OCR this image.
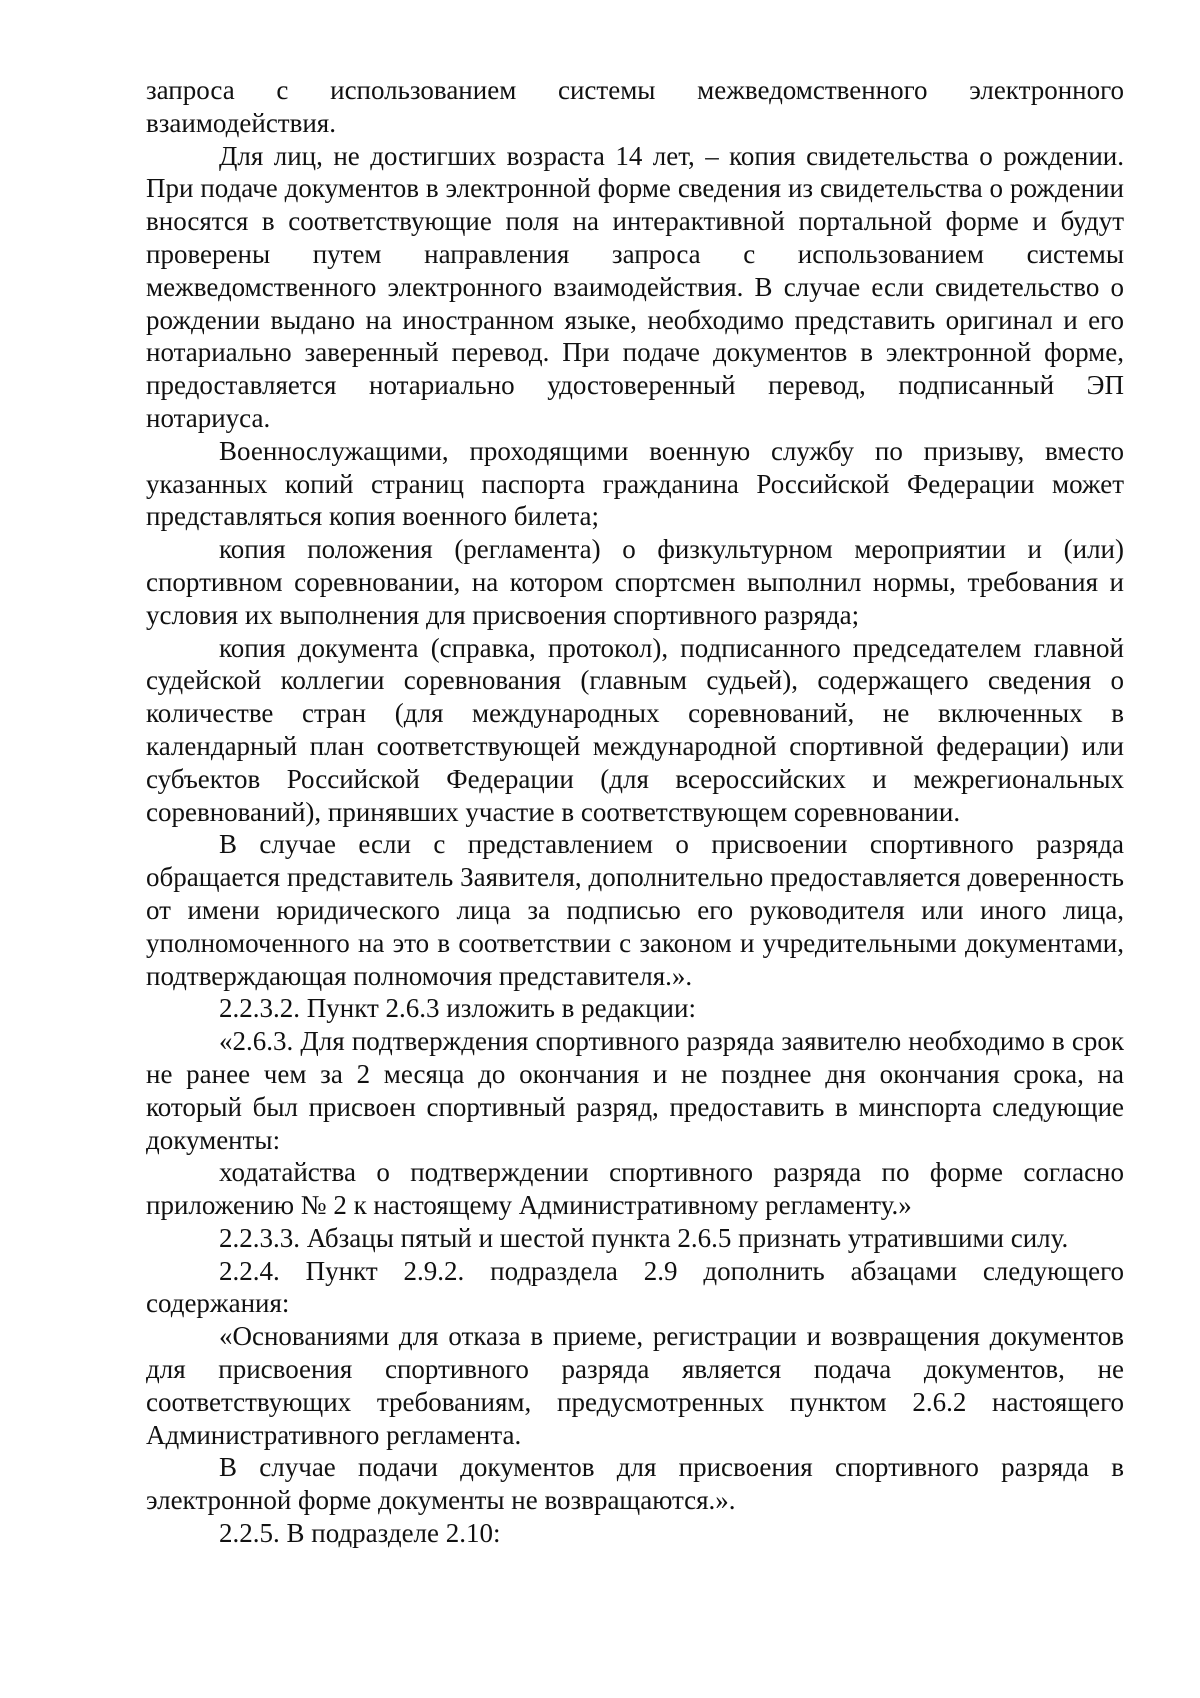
запроса с использованием системы межведомственного электронного взаимодействия.

Для лиц, не достигших возраста 14 лет, – копия свидетельства о рождении. При подаче документов в электронной форме сведения из свидетельства о рождении вносятся в соответствующие поля на интерактивной портальной форме и будут проверены путем направления запроса с использованием системы межведомственного электронного взаимодействия. В случае если свидетельство о рождении выдано на иностранном языке, необходимо представить оригинал и его нотариально заверенный перевод. При подаче документов в электронной форме, предоставляется нотариально удостоверенный перевод, подписанный ЭП нотариуса.

Военнослужащими, проходящими военную службу по призыву, вместо указанных копий страниц паспорта гражданина Российской Федерации может представляться копия военного билета;

копия положения (регламента) о физкультурном мероприятии и (или) спортивном соревновании, на котором спортсмен выполнил нормы, требования и условия их выполнения для присвоения спортивного разряда;

копия документа (справка, протокол), подписанного председателем главной судейской коллегии соревнования (главным судьей), содержащего сведения о количестве стран (для международных соревнований, не включенных в календарный план соответствующей международной спортивной федерации) или субъектов Российской Федерации (для всероссийских и межрегиональных соревнований), принявших участие в соответствующем соревновании.

В случае если с представлением о присвоении спортивного разряда обращается представитель Заявителя, дополнительно предоставляется доверенность от имени юридического лица за подписью его руководителя или иного лица, уполномоченного на это в соответствии с законом и учредительными документами, подтверждающая полномочия представителя.».

2.2.3.2. Пункт 2.6.3 изложить в редакции:

«2.6.3. Для подтверждения спортивного разряда заявителю необходимо в срок не ранее чем за 2 месяца до окончания и не позднее дня окончания срока, на который был присвоен спортивный разряд, предоставить в минспорта следующие документы:

ходатайства о подтверждении спортивного разряда по форме согласно приложению № 2 к настоящему Административному регламенту.»

2.2.3.3. Абзацы пятый и шестой пункта 2.6.5 признать утратившими силу.

2.2.4. Пункт 2.9.2. подраздела 2.9 дополнить абзацами следующего содержания:

«Основаниями для отказа в приеме, регистрации и возвращения документов для присвоения спортивного разряда является подача документов, не соответствующих требованиям, предусмотренных пунктом 2.6.2 настоящего Административного регламента.

В случае подачи документов для присвоения спортивного разряда в электронной форме документы не возвращаются.».

2.2.5. В подразделе 2.10:
